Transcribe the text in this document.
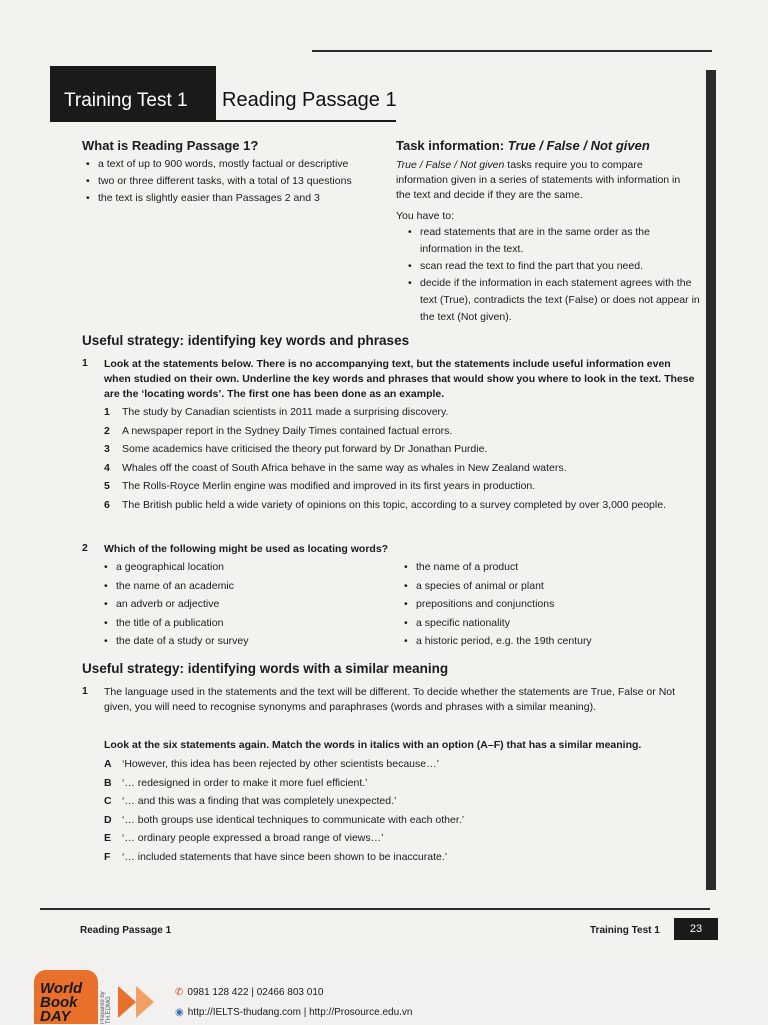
Training Test 1 Reading Passage 1
What is Reading Passage 1?
• a text of up to 900 words, mostly factual or descriptive
• two or three different tasks, with a total of 13 questions
• the text is slightly easier than Passages 2 and 3
Task information: True / False / Not given
True / False / Not given tasks require you to compare information given in a series of statements with information in the text and decide if they are the same.
You have to:
• read statements that are in the same order as the information in the text.
• scan read the text to find the part that you need.
• decide if the information in each statement agrees with the text (True), contradicts the text (False) or does not appear in the text (Not given).
Useful strategy: identifying key words and phrases
1 Look at the statements below. There is no accompanying text, but the statements include useful information even when studied on their own. Underline the key words and phrases that would show you where to look in the text. These are the ‘locating words’. The first one has been done as an example.
1 The study by Canadian scientists in 2011 made a surprising discovery.
2 A newspaper report in the Sydney Daily Times contained factual errors.
3 Some academics have criticised the theory put forward by Dr Jonathan Purdie.
4 Whales off the coast of South Africa behave in the same way as whales in New Zealand waters.
5 The Rolls-Royce Merlin engine was modified and improved in its first years in production.
6 The British public held a wide variety of opinions on this topic, according to a survey completed by over 3,000 people.
2 Which of the following might be used as locating words?
• a geographical location
• the name of an academic
• an adverb or adjective
• the title of a publication
• the date of a study or survey
• the name of a product
• a species of animal or plant
• prepositions and conjunctions
• a specific nationality
• a historic period, e.g. the 19th century
Useful strategy: identifying words with a similar meaning
1 The language used in the statements and the text will be different. To decide whether the statements are True, False or Not given, you will need to recognise synonyms and paraphrases (words and phrases with a similar meaning).
Look at the six statements again. Match the words in italics with an option (A–F) that has a similar meaning.
A ‘However, this idea has been rejected by other scientists because…’
B ‘… redesigned in order to make it more fuel efficient.’
C ‘… and this was a finding that was completely unexpected.’
D ‘… both groups use identical techniques to communicate with each other.’
E ‘… ordinary people expressed a broad range of views…’
F ‘… included statements that have since been shown to be inaccurate.’
Reading Passage 1	Training Test 1	23
World Book DAY	Prepared by TH.EDMG
✆ 0981 128 422 | 02466 803 010
◉ http://IELTS-thudang.com | http://Prosource.edu.vn
